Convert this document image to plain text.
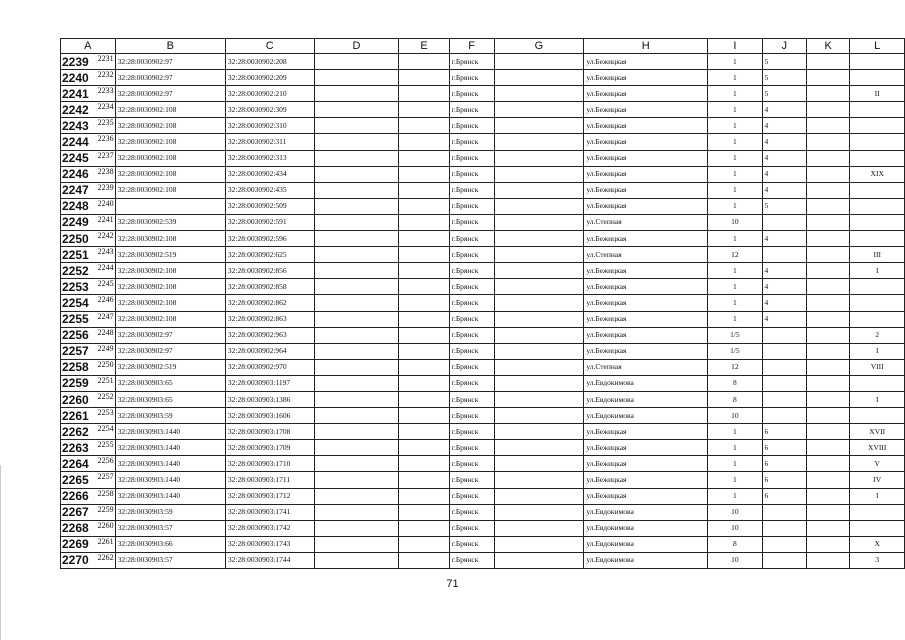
A	B	C	D	E	F	G	H	I	J	K	L
2239 2231	32:28:0030902:97	32:28:0030902:208			г.Брянск		ул.Бежицкая	1	5		
2240 2232	32:28:0030902:97	32:28:0030902:209			г.Брянск		ул.Бежицкая	1	5		
2241 2233	32:28:0030902:97	32:28:0030902:210			г.Брянск		ул.Бежицкая	1	5		II
2242 2234	32:28:0030902:108	32:28:0030902:309			г.Брянск		ул.Бежицкая	1	4		
2243 2235	32:28:0030902:108	32:28:0030902:310			г.Брянск		ул.Бежицкая	1	4		
2244 2236	32:28:0030902:108	32:28:0030902:311			г.Брянск		ул.Бежицкая	1	4		
2245 2237	32:28:0030902:108	32:28:0030902:313			г.Брянск		ул.Бежицкая	1	4		
2246 2238	32:28:0030902:108	32:28:0030902:434			г.Брянск		ул.Бежицкая	1	4		XIX
2247 2239	32:28:0030902:108	32:28:0030902:435			г.Брянск		ул.Бежицкая	1	4		
2248 2240		32:28:0030902:509			г.Брянск		ул.Бежицкая	1	5		
2249 2241	32:28:0030902:539	32:28:0030902:591			г.Брянск		ул.Степная	10			
2250 2242	32:28:0030902:108	32:28:0030902:596			г.Брянск		ул.Бежицкая	1	4		
2251 2243	32:28:0030902:519	32:28:0030902:625			г.Брянск		ул.Степная	12			III
2252 2244	32:28:0030902:108	32:28:0030902:856			г.Брянск		ул.Бежицкая	1	4		I
2253 2245	32:28:0030902:108	32:28:0030902:858			г.Брянск		ул.Бежицкая	1	4		
2254 2246	32:28:0030902:108	32:28:0030902:862			г.Брянск		ул.Бежицкая	1	4		
2255 2247	32:28:0030902:108	32:28:0030902:863			г.Брянск		ул.Бежицкая	1	4		
2256 2248	32:28:0030902:97	32:28:0030902:963			г.Брянск		ул.Бежицкая	1/5			2
2257 2249	32:28:0030902:97	32:28:0030902:964			г.Брянск		ул.Бежицкая	1/5			I
2258 2250	32:28:0030902:519	32:28:0030902:970			г.Брянск		ул.Степная	12			VIII
2259 2251	32:28:0030903:65	32:28:0030903:1197			г.Брянск		ул.Евдокимова	8			
2260 2252	32:28:0030903:65	32:28:0030903:1386			г.Брянск		ул.Евдокимова	8			I
2261 2253	32:28:0030903:59	32:28:0030903:1606			г.Брянск		ул.Евдокимова	10			
2262 2254	32:28:0030903:1440	32:28:0030903:1708			г.Брянск		ул.Бежицкая	1	6		XVII
2263 2255	32:28:0030903:1440	32:28:0030903:1709			г.Брянск		ул.Бежицкая	1	6		XVIII
2264 2256	32:28:0030903:1440	32:28:0030903:1710			г.Брянск		ул.Бежицкая	1	6		V
2265 2257	32:28:0030903:1440	32:28:0030903:1711			г.Брянск		ул.Бежицкая	1	6		IV
2266 2258	32:28:0030903:1440	32:28:0030903:1712			г.Брянск		ул.Бежицкая	1	6		I
2267 2259	32:28:0030903:59	32:28:0030903:1741			г.Брянск		ул.Евдокимова	10			
2268 2260	32:28:0030903:57	32:28:0030903:1742			г.Брянск		ул.Евдокимова	10			
2269 2261	32:28:0030903:66	32:28:0030903:1743			г.Брянск		ул.Евдокимова	8			X
2270 2262	32:28:0030903:57	32:28:0030903:1744			г.Брянск		ул.Евдокимова	10			3
71
